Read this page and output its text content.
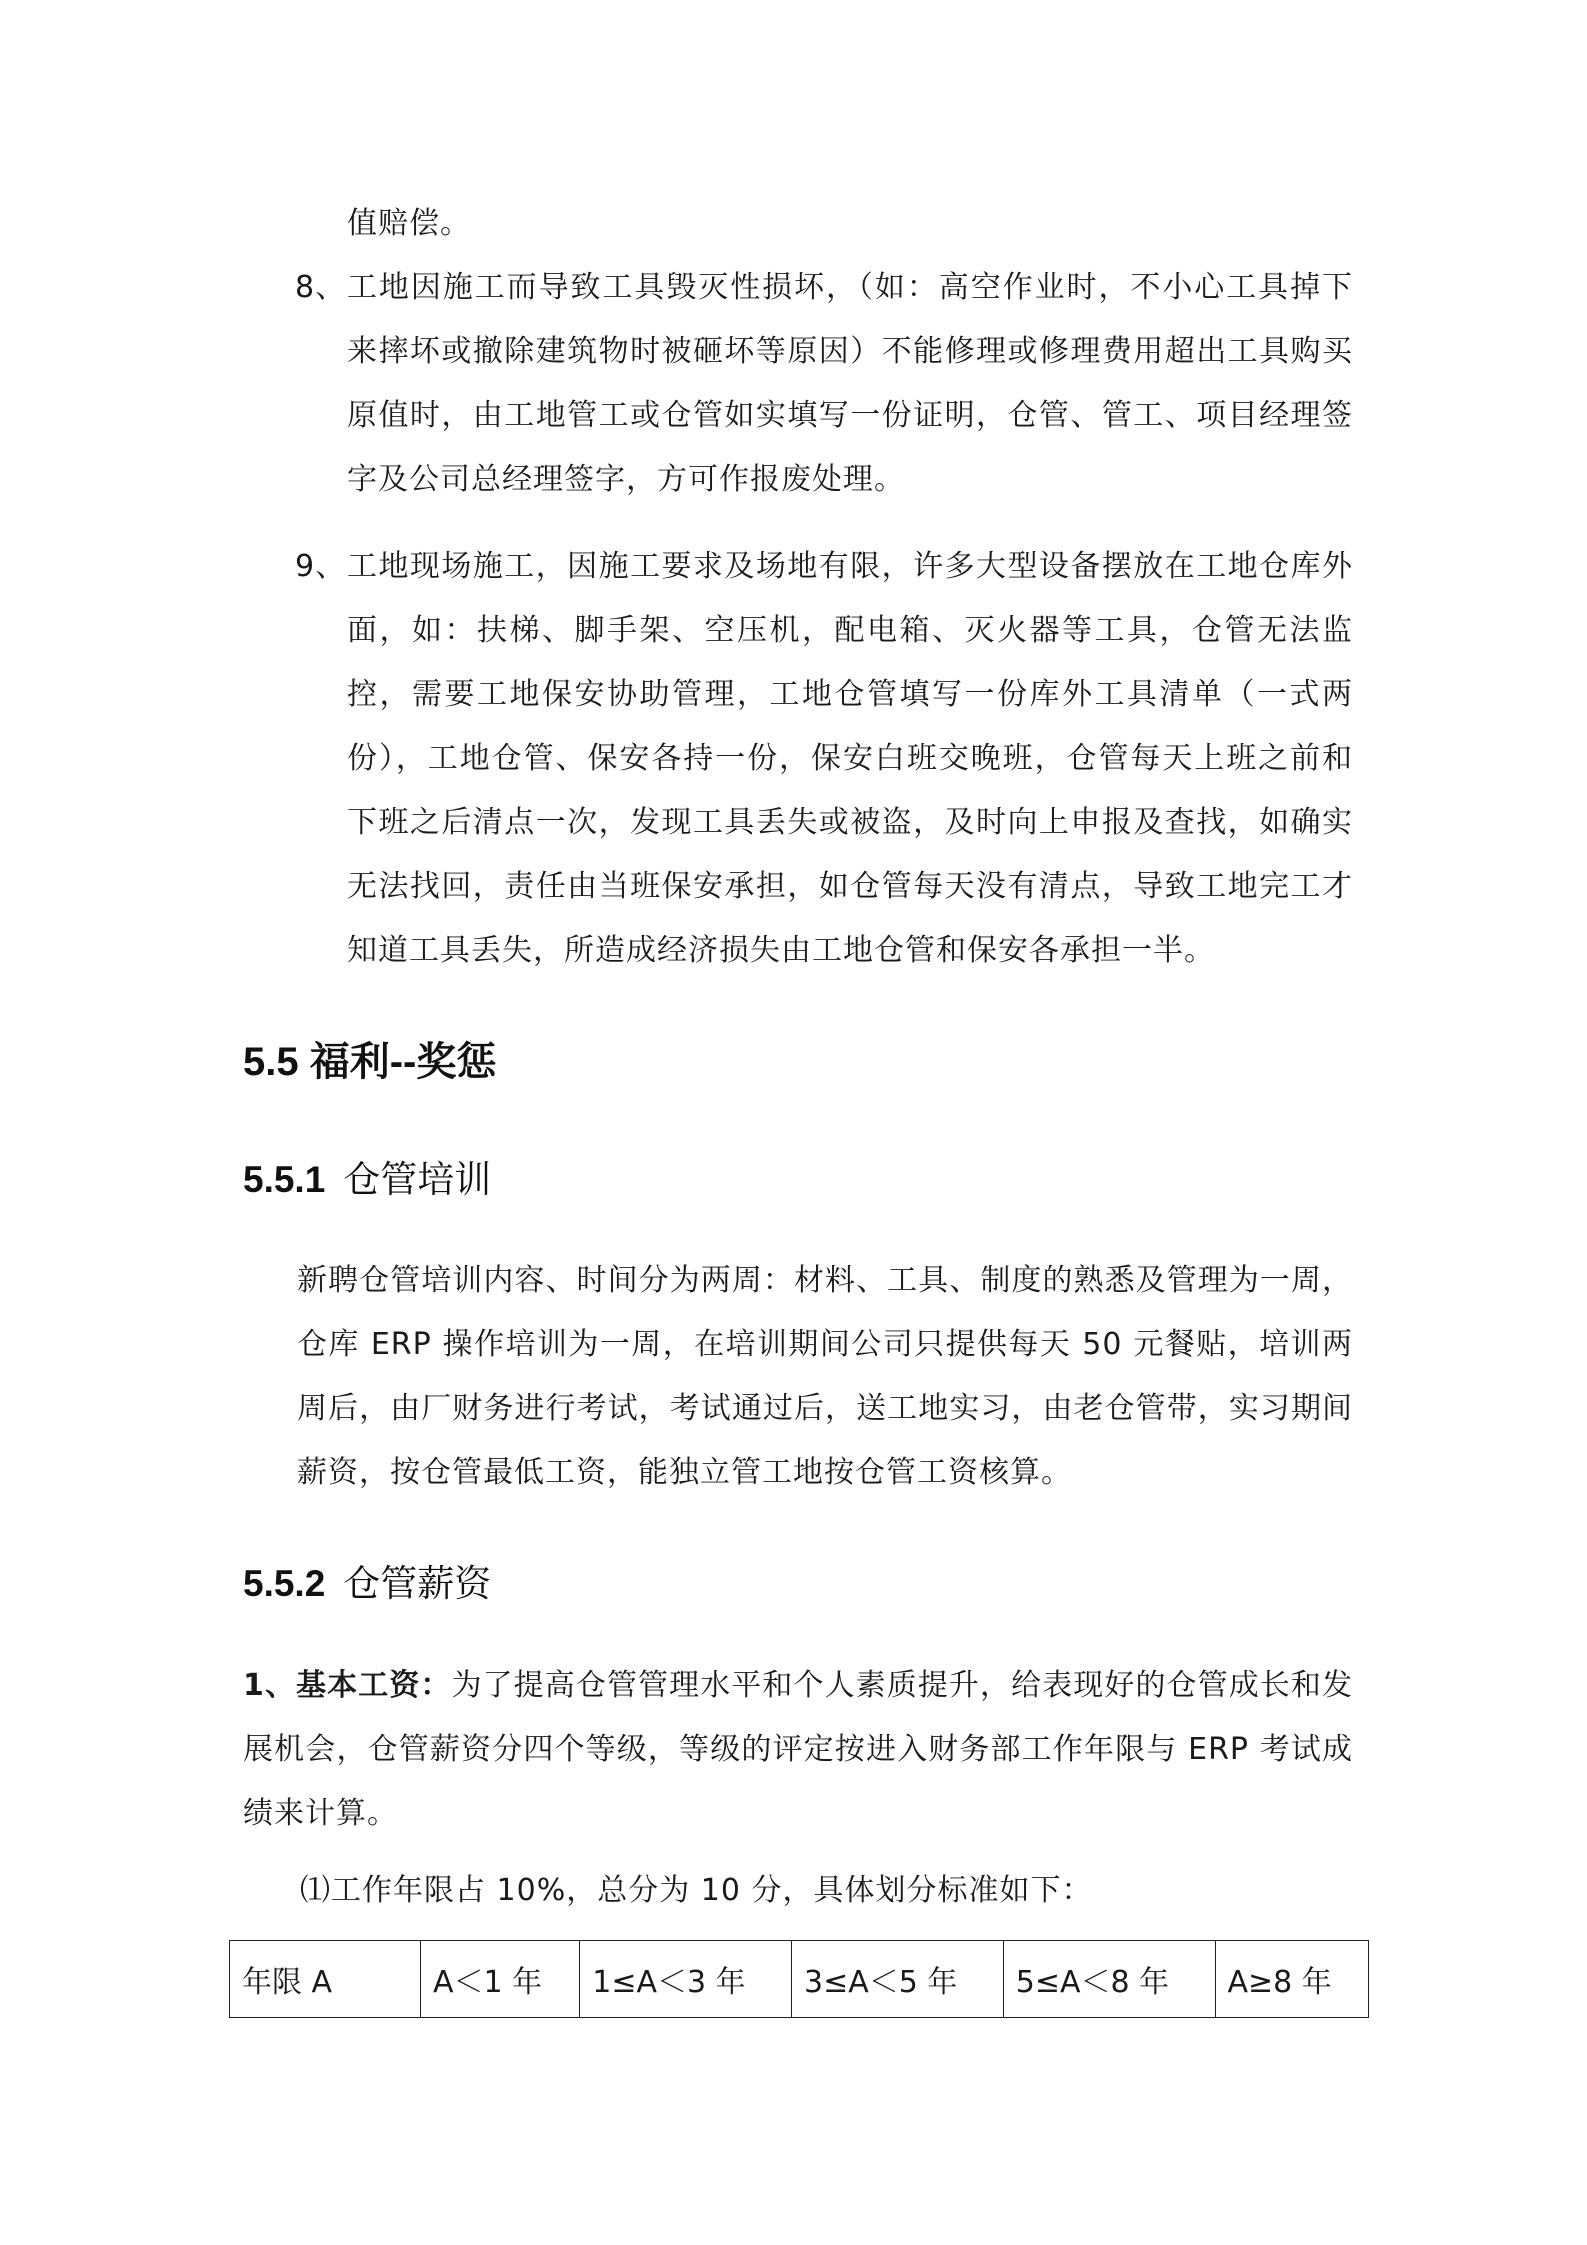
值赔偿。

8、 工地因施工而导致工具毁灭性损坏，（如：高空作业时，不小心工具掉下来摔坏或撤除建筑物时被砸坏等原因）不能修理或修理费用超出工具购买原值时，由工地管工或仓管如实填写一份证明，仓管、管工、项目经理签字及公司总经理签字，方可作报废处理。
9、 工地现场施工，因施工要求及场地有限，许多大型设备摆放在工地仓库外面，如：扶梯、脚手架、空压机，配电箱、灭火器等工具，仓管无法监控，需要工地保安协助管理，工地仓管填写一份库外工具清单（一式两份），工地仓管、保安各持一份，保安白班交晚班，仓管每天上班之前和下班之后清点一次，发现工具丢失或被盗，及时向上申报及查找，如确实无法找回，责任由当班保安承担，如仓管每天没有清点，导致工地完工才知道工具丢失，所造成经济损失由工地仓管和保安各承担一半。
5.5 福利--奖惩
5.5.1 仓管培训

新聘仓管培训内容、时间分为两周：材料、工具、制度的熟悉及管理为一周，仓库 ERP 操作培训为一周，在培训期间公司只提供每天 50 元餐贴，培训两周后，由厂财务进行考试，考试通过后，送工地实习，由老仓管带，实习期间薪资，按仓管最低工资，能独立管工地按仓管工资核算。

5.5.2 仓管薪资

1、基本工资：为了提高仓管管理水平和个人素质提升，给表现好的仓管成长和发展机会，仓管薪资分四个等级，等级的评定按进入财务部工作年限与 ERP 考试成绩来计算。

⑴工作年限占 10%，总分为 10 分，具体划分标准如下：

年限 A	A＜1 年	1≤A＜3 年	3≤A＜5 年	5≤A＜8 年	A≥8 年
